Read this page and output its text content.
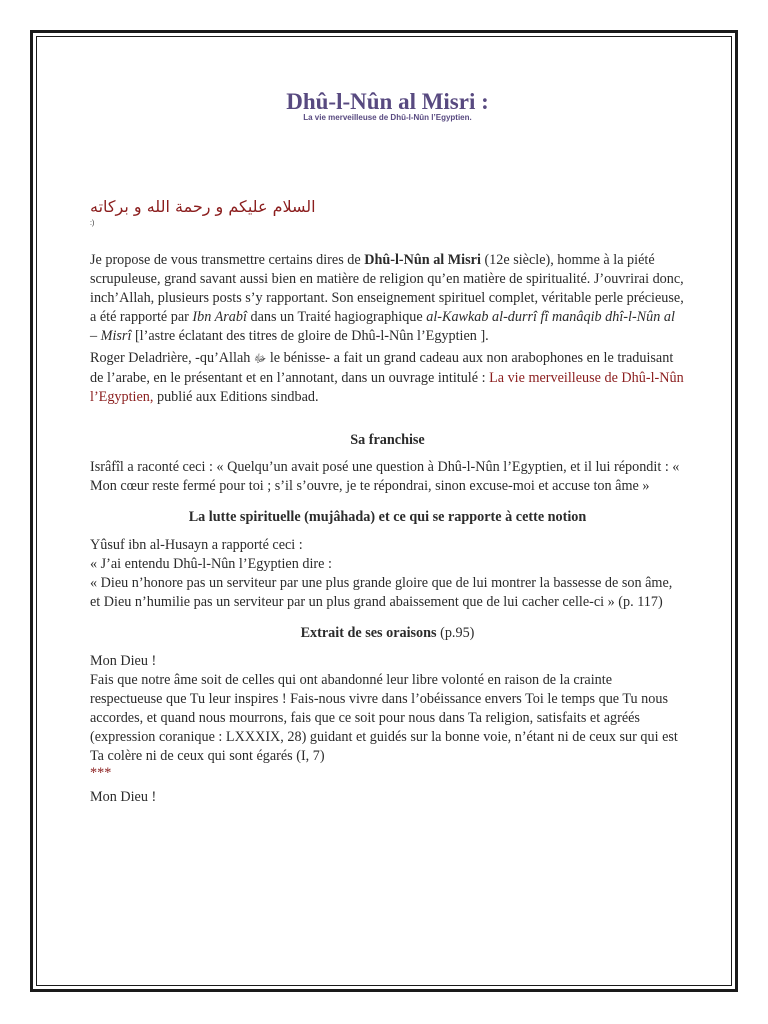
Dhû-l-Nûn al Misri :
La vie merveilleuse de Dhû-l-Nûn l’Egyptien.
السلام عليكم و رحمة الله و بركاته
:)

Je propose de vous transmettre certains dires de Dhû-l-Nûn al Misri (12e siècle), homme à la piété scrupuleuse, grand savant aussi bien en matière de religion qu’en matière de spiritualité. J’ouvrirai donc, inch’Allah, plusieurs posts s’y rapportant. Son enseignement spirituel complet, véritable perle précieuse, a été rapporté par Ibn Arabî dans un Traité hagiographique al-Kawkab al-durrî fî manâqib dhî-l-Nûn al – Misrî [l’astre éclatant des titres de gloire de Dhû-l-Nûn l’Egyptien ].

Roger Deladrière, -qu’Allah ﷻ le bénisse- a fait un grand cadeau aux non arabophones en le traduisant de l’arabe, en le présentant et en l’annotant, dans un ouvrage intitulé : La vie merveilleuse de Dhû-l-Nûn l’Egyptien, publié aux Editions sindbad.

Sa franchise

Isrâfîl a raconté ceci : « Quelqu’un avait posé une question à Dhû-l-Nûn l’Egyptien, et il lui répondit : « Mon cœur reste fermé pour toi ; s’il s’ouvre, je te répondrai, sinon excuse-moi et accuse ton âme »

La lutte spirituelle (mujâhada) et ce qui se rapporte à cette notion

Yûsuf ibn al-Husayn a rapporté ceci :

« J’ai entendu Dhû-l-Nûn l’Egyptien dire :

« Dieu n’honore pas un serviteur par une plus grande gloire que de lui montrer la bassesse de son âme, et Dieu n’humilie pas un serviteur par un plus grand abaissement que de lui cacher celle-ci » (p. 117)

Extrait de ses oraisons (p.95)

Mon Dieu !

Fais que notre âme soit de celles qui ont abandonné leur libre volonté en raison de la crainte respectueuse que Tu leur inspires ! Fais-nous vivre dans l’obéissance envers Toi le temps que Tu nous accordes, et quand nous mourrons, fais que ce soit pour nous dans Ta religion, satisfaits et agréés (expression coranique : LXXXIX, 28) guidant et guidés sur la bonne voie, n’étant ni de ceux sur qui est Ta colère ni de ceux qui sont égarés (I, 7)

***

Mon Dieu !
